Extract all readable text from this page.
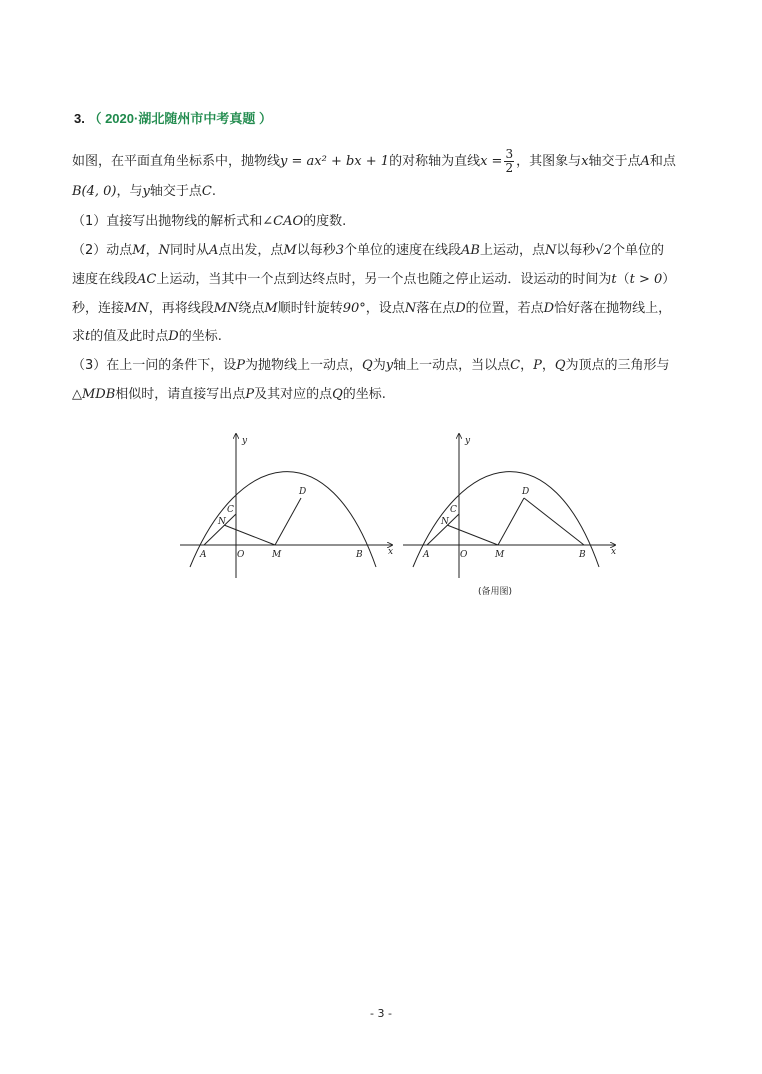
3. （ 2020·湖北随州市中考真题 ）
如图，在平面直角坐标系中，抛物线y = ax² + bx + 1的对称轴为直线$x = \frac{3}{2}$ ，其图象与x轴交于点A和点
B(4, 0)，与y轴交于点C.
（1）直接写出抛物线的解析式和∠CAO的度数.
（2）动点M，N同时从A点出发，点M以每秒3个单位的速度在线段AB上运动，点N以每秒√2个单位的
速度在线段AC上运动，当其中一个点到达终点时，另一个点也随之停止运动．设运动的时间为t（t > 0）
秒，连接MN，再将线段MN绕点M顺时针旋转90°，设点N落在点D的位置，若点D恰好落在抛物线上，
求t的值及此时点D的坐标.
（3）在上一问的条件下，设P为抛物线上一动点，Q为y轴上一动点，当以点C，P，Q为顶点的三角形与
△MDB相似时，请直接写出点P及其对应的点Q的坐标.
y
x
C
D
N
A	O	M	B
y
x
C
D
N
A	O	M	B
(备用图)
- 3 -
